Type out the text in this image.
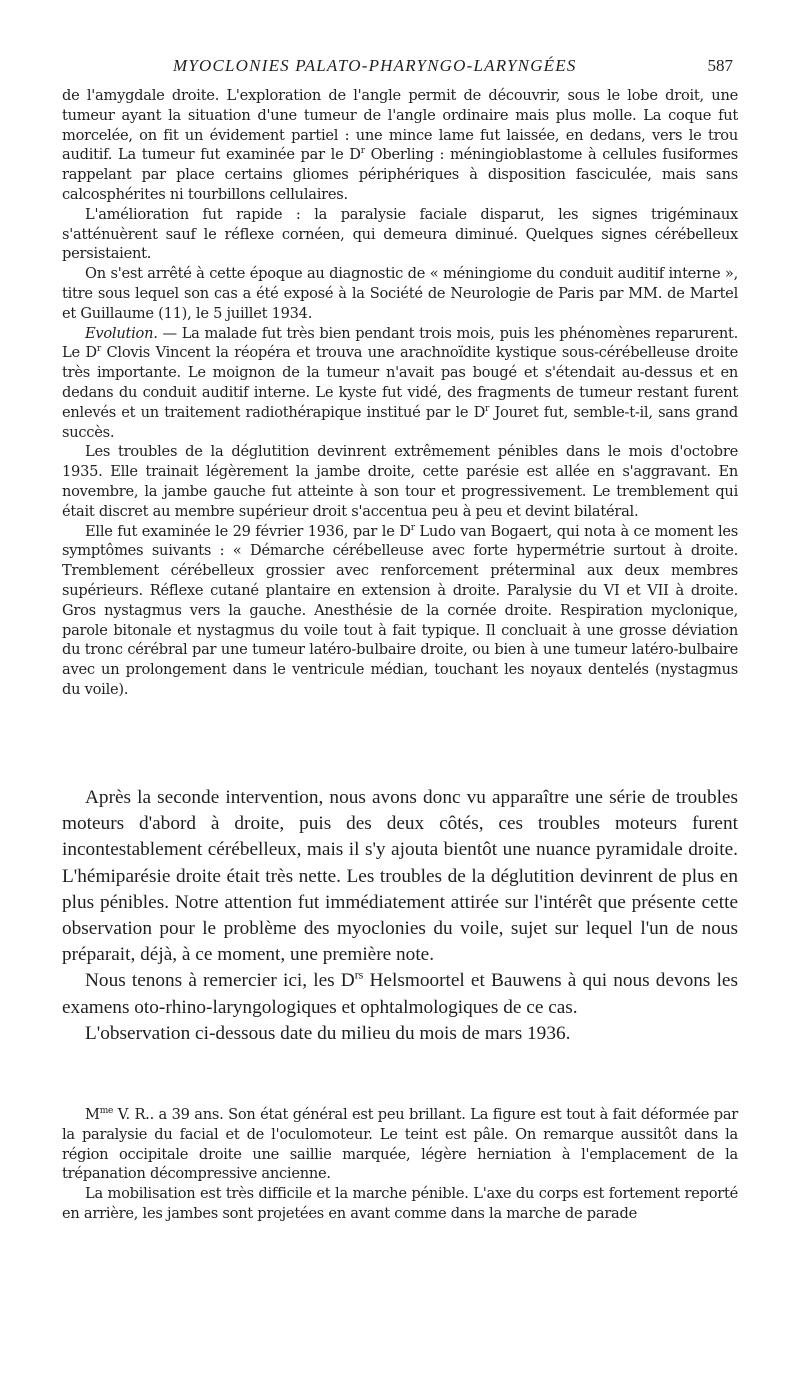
MYOCLONIES PALATO-PHARYNGO-LARYNGÉES	587

de l'amygdale droite. L'exploration de l'angle permit de découvrir, sous le lobe droit, une tumeur ayant la situation d'une tumeur de l'angle ordinaire mais plus molle. La coque fut morcelée, on fit un évidement partiel : une mince lame fut laissée, en dedans, vers le trou auditif. La tumeur fut examinée par le $D^r$ Oberling : méningioblastome à cellules fusiformes rappelant par place certains gliomes périphériques à disposition fasciculée, mais sans calcosphérites ni tourbillons cellulaires.

L'amélioration fut rapide : la paralysie faciale disparut, les signes trigéminaux s'atténuèrent sauf le réflexe cornéen, qui demeura diminué. Quelques signes cérébelleux persistaient.

On s'est arrêté à cette époque au diagnostic de « méningiome du conduit auditif interne », titre sous lequel son cas a été exposé à la Société de Neurologie de Paris par MM. de Martel et Guillaume (11), le 5 juillet 1934.

Evolution. — La malade fut très bien pendant trois mois, puis les phénomènes reparurent. Le $D^r$ Clovis Vincent la réopéra et trouva une arachnoïdite kystique sous-cérébelleuse droite très importante. Le moignon de la tumeur n'avait pas bougé et s'étendait au-dessus et en dedans du conduit auditif interne. Le kyste fut vidé, des fragments de tumeur restant furent enlevés et un traitement radiothérapique institué par le $D^r$ Jouret fut, semble-t-il, sans grand succès.

Les troubles de la déglutition devinrent extrêmement pénibles dans le mois d'octobre 1935. Elle trainait légèrement la jambe droite, cette parésie est allée en s'aggravant. En novembre, la jambe gauche fut atteinte à son tour et progressivement. Le tremblement qui était discret au membre supérieur droit s'accentua peu à peu et devint bilatéral.

Elle fut examinée le 29 février 1936, par le $D^r$ Ludo van Bogaert, qui nota à ce moment les symptômes suivants : « Démarche cérébelleuse avec forte hypermétrie surtout à droite. Tremblement cérébelleux grossier avec renforcement préterminal aux deux membres supérieurs. Réflexe cutané plantaire en extension à droite. Paralysie du VI et VII à droite. Gros nystagmus vers la gauche. Anesthésie de la cornée droite. Respiration myclonique, parole bitonale et nystagmus du voile tout à fait typique. Il concluait à une grosse déviation du tronc cérébral par une tumeur latéro-bulbaire droite, ou bien à une tumeur latéro-bulbaire avec un prolongement dans le ventricule médian, touchant les noyaux dentelés (nystagmus du voile).

Après la seconde intervention, nous avons donc vu apparaître une série de troubles moteurs d'abord à droite, puis des deux côtés, ces troubles moteurs furent incontestablement cérébelleux, mais il s'y ajouta bientôt une nuance pyramidale droite. L'hémiparésie droite était très nette. Les troubles de la déglutition devinrent de plus en plus pénibles. Notre attention fut immédiatement attirée sur l'intérêt que présente cette observation pour le problème des myoclonies du voile, sujet sur lequel l'un de nous préparait, déjà, à ce moment, une première note.

Nous tenons à remercier ici, les $D^{rs}$ Helsmoortel et Bauwens à qui nous devons les examens oto-rhino-laryngologiques et ophtalmologiques de ce cas.

L'observation ci-dessous date du milieu du mois de mars 1936.

$M^{me}$ V. R.. a 39 ans. Son état général est peu brillant. La figure est tout à fait déformée par la paralysie du facial et de l'oculomoteur. Le teint est pâle. On remarque aussitôt dans la région occipitale droite une saillie marquée, légère herniation à l'emplacement de la trépanation décompressive ancienne.

La mobilisation est très difficile et la marche pénible. L'axe du corps est fortement reporté en arrière, les jambes sont projetées en avant comme dans la marche de parade
